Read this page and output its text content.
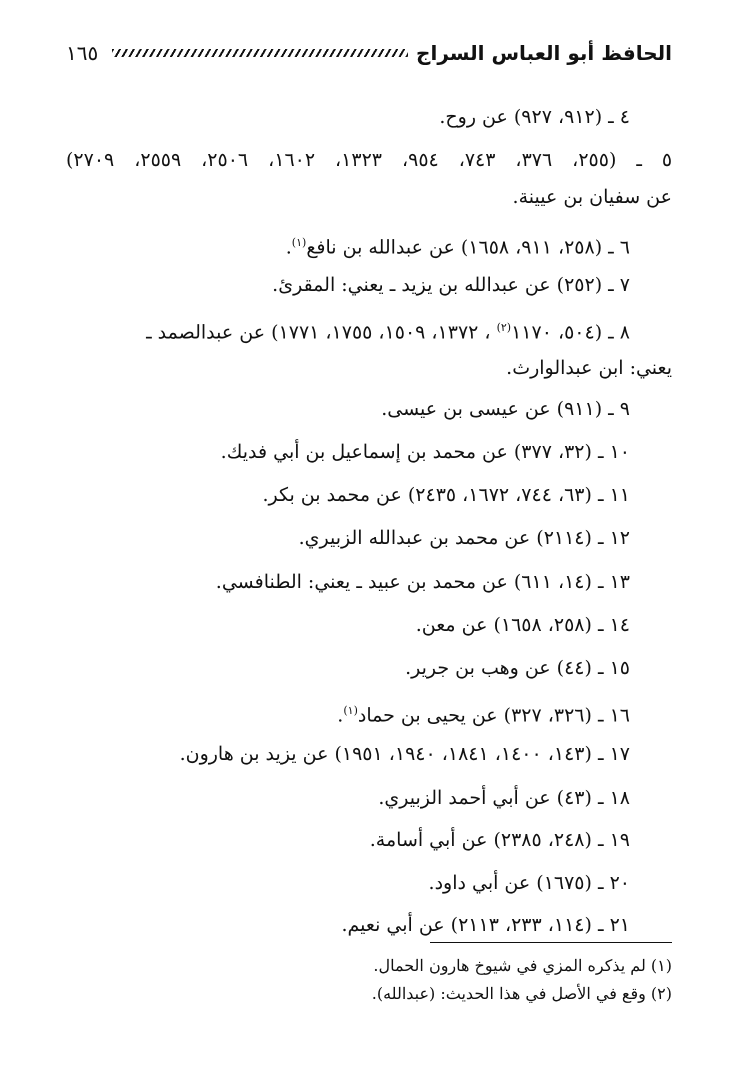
الحافظ أبو العباس السراج
١٦٥
٤ ـ (٩١٢، ٩٢٧) عن روح.
٥ ـ (٢٥٥، ٣٧٦، ٧٤٣، ٩٥٤، ١٣٢٣، ١٦٠٢، ٢٥٠٦، ٢٥٥٩، ٢٧٠٩)
عن سفيان بن عيينة.
٦ ـ (٢٥٨، ٩١١، ١٦٥٨) عن عبدالله بن نافع$^{(١)}$.
٧ ـ (٢٥٢) عن عبدالله بن يزيد ـ يعني: المقرئ.
٨ ـ (٥٠٤، ١١٧٠$^{(٢)}$ ، ١٣٧٢، ١٥٠٩، ١٧٥٥، ١٧٧١) عن عبدالصمد ـ
يعني: ابن عبدالوارث.
٩ ـ (٩١١) عن عيسى بن عيسى.
١٠ ـ (٣٢، ٣٧٧) عن محمد بن إسماعيل بن أبي فديك.
١١ ـ (٦٣، ٧٤٤، ١٦٧٢، ٢٤٣٥) عن محمد بن بكر.
١٢ ـ (٢١١٤) عن محمد بن عبدالله الزبيري.
١٣ ـ (١٤، ٦١١) عن محمد بن عبيد ـ يعني: الطنافسي.
١٤ ـ (٢٥٨، ١٦٥٨) عن معن.
١٥ ـ (٤٤) عن وهب بن جرير.
١٦ ـ (٣٢٦، ٣٢٧) عن يحيى بن حماد$^{(١)}$.
١٧ ـ (١٤٣، ١٤٠٠، ١٨٤١، ١٩٤٠، ١٩٥١) عن يزيد بن هارون.
١٨ ـ (٤٣) عن أبي أحمد الزبيري.
١٩ ـ (٢٤٨، ٢٣٨٥) عن أبي أسامة.
٢٠ ـ (١٦٧٥) عن أبي داود.
٢١ ـ (١١٤، ٢٣٣، ٢١١٣) عن أبي نعيم.
(١) لم يذكره المزي في شيوخ هارون الحمال.
(٢) وقع في الأصل في هذا الحديث: (عبدالله).
